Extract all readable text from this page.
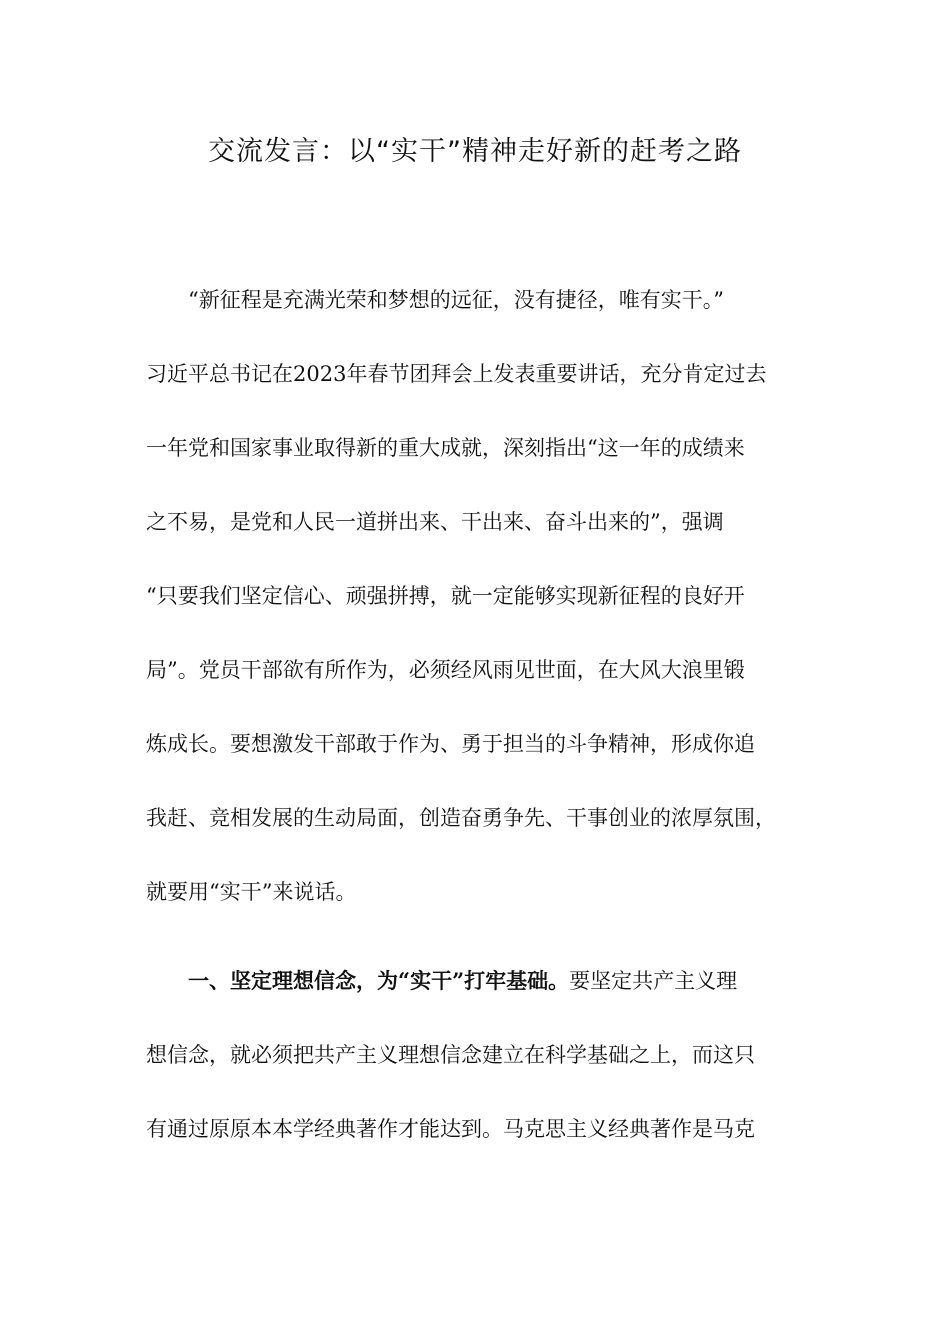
交流发言：以“实干”精神走好新的赶考之路
　　“新征程是充满光荣和梦想的远征，没有捷径，唯有实干。”
习近平总书记在2023年春节团拜会上发表重要讲话，充分肯定过去
一年党和国家事业取得新的重大成就，深刻指出“这一年的成绩来
之不易，是党和人民一道拼出来、干出来、奋斗出来的”，强调
“只要我们坚定信心、顽强拼搏，就一定能够实现新征程的良好开
局”。党员干部欲有所作为，必须经风雨见世面，在大风大浪里锻
炼成长。要想激发干部敢于作为、勇于担当的斗争精神，形成你追
我赶、竞相发展的生动局面，创造奋勇争先、干事创业的浓厚氛围，
就要用“实干”来说话。
　　一、坚定理想信念，为“实干”打牢基础。要坚定共产主义理
想信念，就必须把共产主义理想信念建立在科学基础之上，而这只
有通过原原本本学经典著作才能达到。马克思主义经典著作是马克
